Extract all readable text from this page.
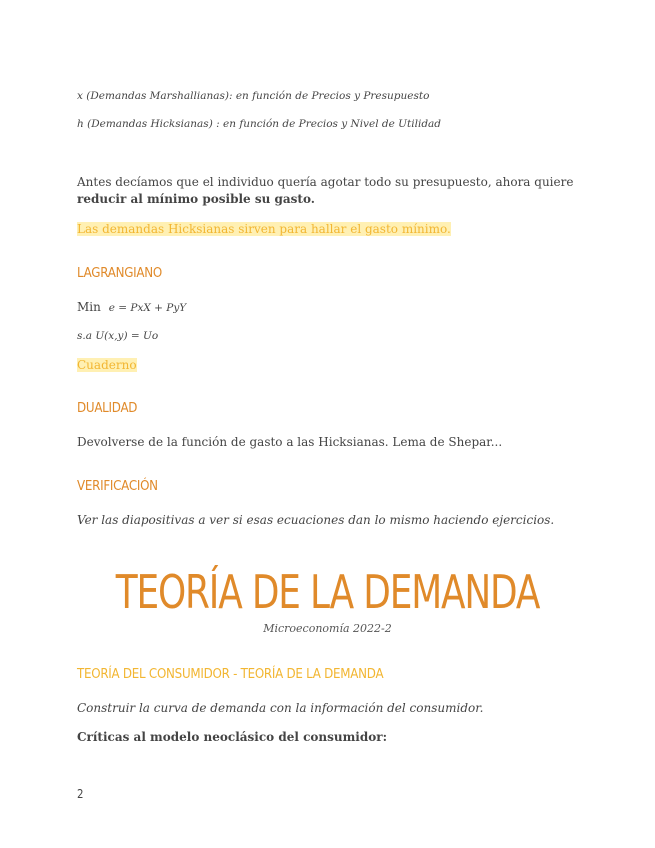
x (Demandas Marshallianas): en función de Precios y Presupuesto
h (Demandas Hicksianas) : en función de Precios y Nivel de Utilidad
Antes decíamos que el individuo quería agotar todo su presupuesto, ahora quiere
reducir al mínimo posible su gasto.
Las demandas Hicksianas sirven para hallar el gasto mínimo.
LAGRANGIANO
Min e = PxX + PyY
s.a U(x,y) = Uo
Cuaderno
DUALIDAD
Devolverse de la función de gasto a las Hicksianas. Lema de Shepar...
VERIFICACIÓN
Ver las diapositivas a ver si esas ecuaciones dan lo mismo haciendo ejercicios.
TEORÍA DE LA DEMANDA
Microeconomía 2022-2
TEORÍA DEL CONSUMIDOR - TEORÍA DE LA DEMANDA
Construir la curva de demanda con la información del consumidor.
Críticas al modelo neoclásico del consumidor:
2
